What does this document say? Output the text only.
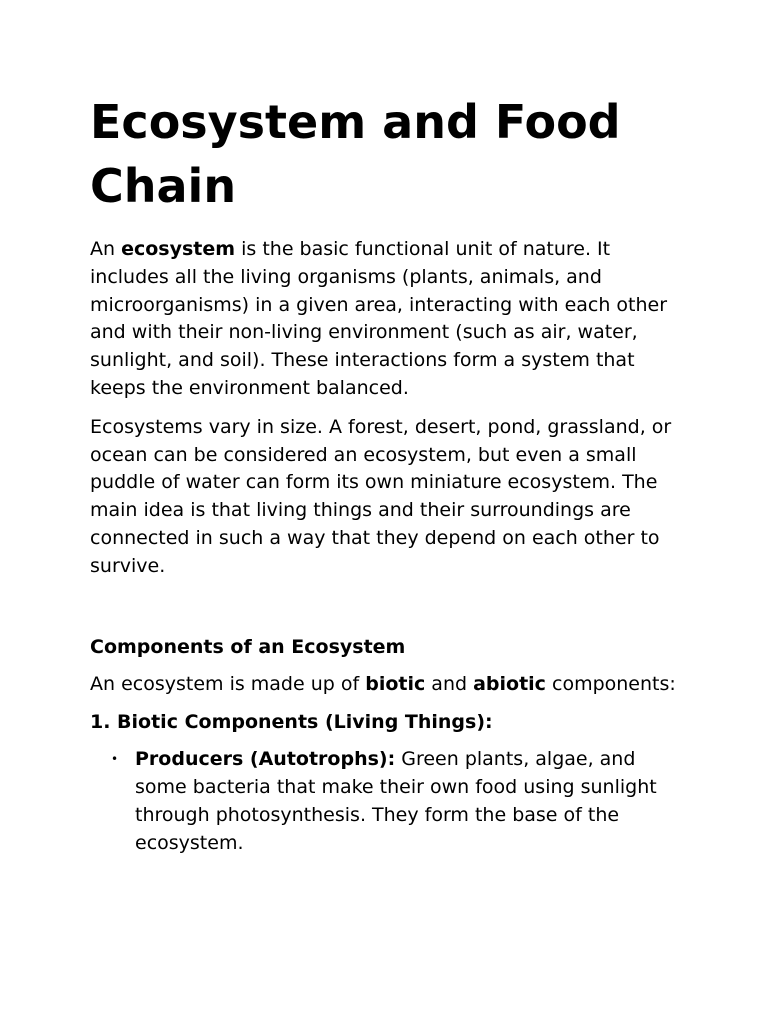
Ecosystem and Food Chain

An ecosystem is the basic functional unit of nature. It includes all the living organisms (plants, animals, and microorganisms) in a given area, interacting with each other and with their non-living environment (such as air, water, sunlight, and soil). These interactions form a system that keeps the environment balanced.

Ecosystems vary in size. A forest, desert, pond, grassland, or ocean can be considered an ecosystem, but even a small puddle of water can form its own miniature ecosystem. The main idea is that living things and their surroundings are connected in such a way that they depend on each other to survive.

Components of an Ecosystem

An ecosystem is made up of biotic and abiotic components:

1. Biotic Components (Living Things):
• Producers (Autotrophs): Green plants, algae, and some bacteria that make their own food using sunlight through photosynthesis. They form the base of the ecosystem.
